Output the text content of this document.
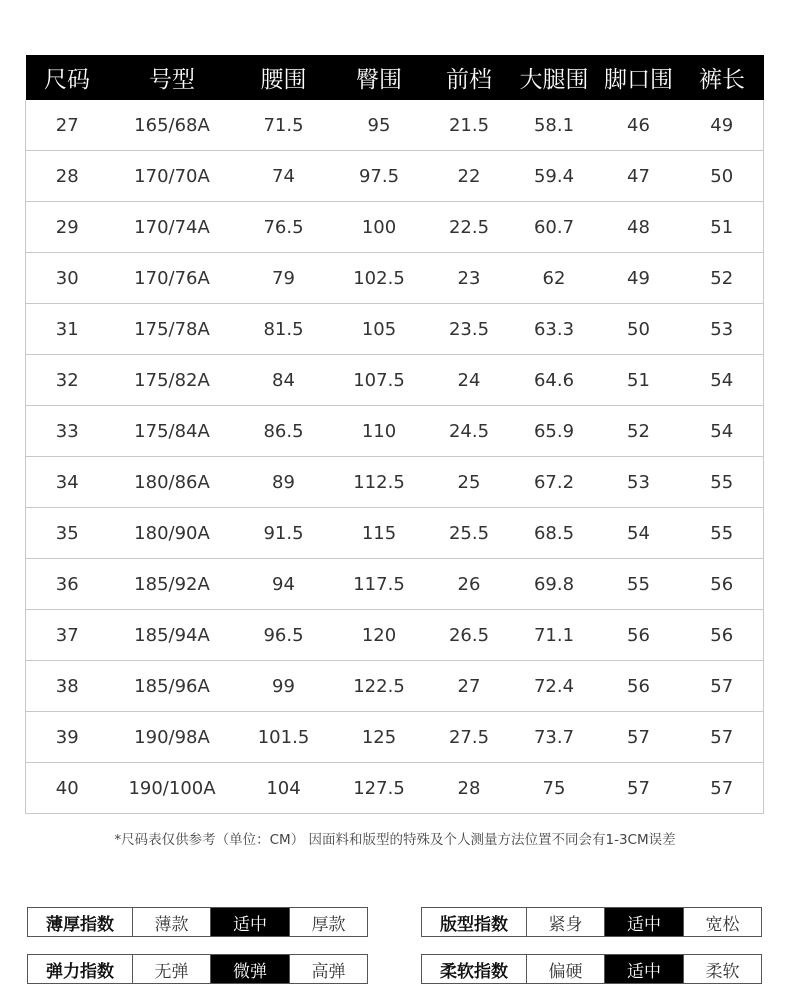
尺码	号型	腰围	臀围	前档	大腿围	脚口围	裤长
27	165/68A	71.5	95	21.5	58.1	46	49
28	170/70A	74	97.5	22	59.4	47	50
29	170/74A	76.5	100	22.5	60.7	48	51
30	170/76A	79	102.5	23	62	49	52
31	175/78A	81.5	105	23.5	63.3	50	53
32	175/82A	84	107.5	24	64.6	51	54
33	175/84A	86.5	110	24.5	65.9	52	54
34	180/86A	89	112.5	25	67.2	53	55
35	180/90A	91.5	115	25.5	68.5	54	55
36	185/92A	94	117.5	26	69.8	55	56
37	185/94A	96.5	120	26.5	71.1	56	56
38	185/96A	99	122.5	27	72.4	56	57
39	190/98A	101.5	125	27.5	73.7	57	57
40	190/100A	104	127.5	28	75	57	57
*尺码表仅供参考（单位：CM） 因面料和版型的特殊及个人测量方法位置不同会有1-3CM误差
薄厚指数	薄款	适中	厚款	版型指数	紧身	适中	宽松
弹力指数	无弹	微弹	高弹	柔软指数	偏硬	适中	柔软
